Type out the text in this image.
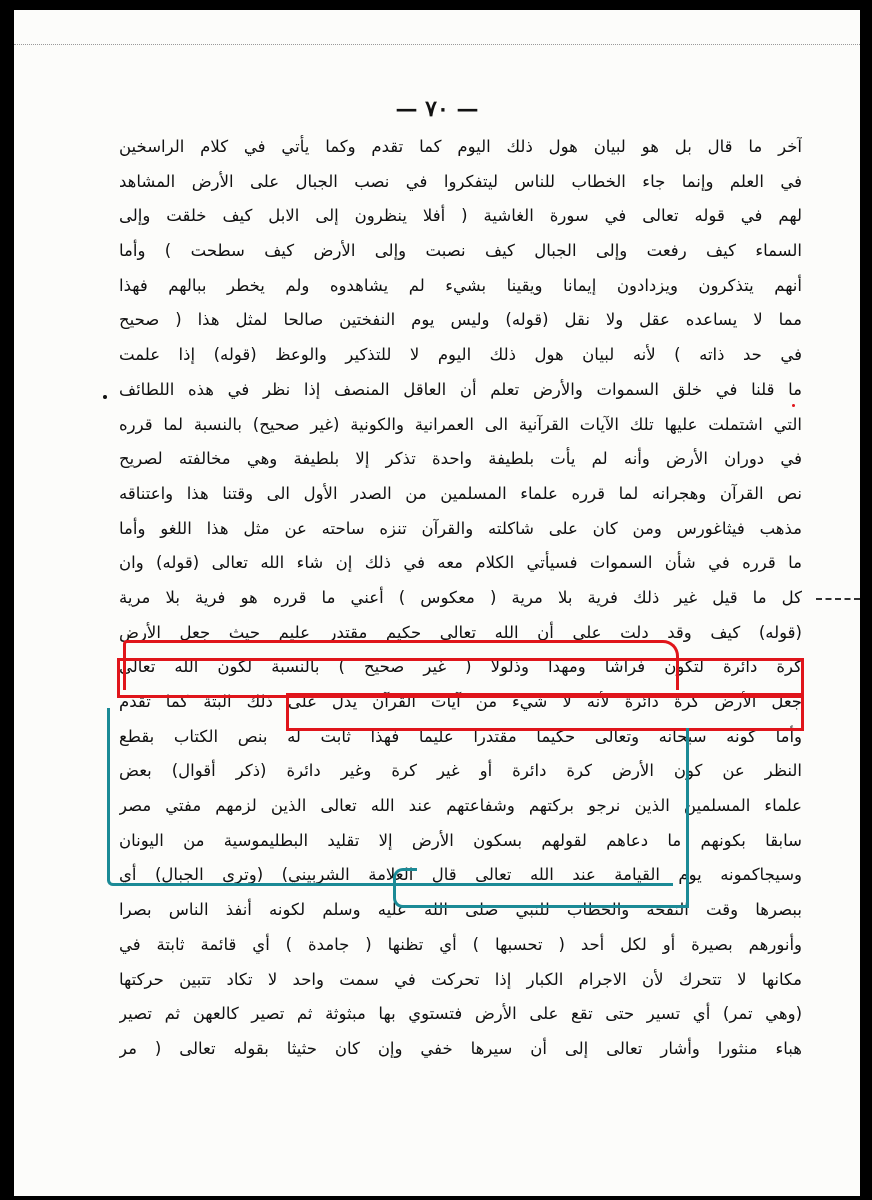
— ٧٠ —
آخر ما قال بل هو لبيان هول ذلك اليوم كما تقدم وكما يأتي في كلام الراسخين
في العلم وإنما جاء الخطاب للناس ليتفكروا في نصب الجبال على الأرض المشاهد
لهم في قوله تعالى في سورة الغاشية ( أفلا ينظرون إلى الابل كيف خلقت وإلى
السماء كيف رفعت وإلى الجبال كيف نصبت وإلى الأرض كيف سطحت ) وأما
أنهم يتذكرون ويزدادون إيمانا ويقينا بشيء لم يشاهدوه ولم يخطر ببالهم فهذا
مما لا يساعده عقل ولا نقل (قوله) وليس يوم النفختين صالحا لمثل هذا ( صحيح
في حد ذاته ) لأنه لبيان هول ذلك اليوم لا للتذكير والوعظ (قوله) إذا علمت
ما قلنا في خلق السموات والأرض تعلم أن العاقل المنصف إذا نظر في هذه اللطائف
التي اشتملت عليها تلك الآيات القرآنية الى العمرانية والكونية (غير صحيح) بالنسبة لما قرره
في دوران الأرض وأنه لم يأت بلطيفة واحدة تذكر إلا بلطيفة وهي مخالفته لصريح
نص القرآن وهجرانه لما قرره علماء المسلمين من الصدر الأول الى وقتنا هذا واعتناقه
مذهب فيثاغورس ومن كان على شاكلته والقرآن تنزه ساحته عن مثل هذا اللغو وأما
ما قرره في شأن السموات فسيأتي الكلام معه في ذلك إن شاء الله تعالى (قوله) وان
كل ما قيل غير ذلك فرية بلا مرية ( معكوس ) أعني ما قرره هو فرية بلا مرية
(قوله) كيف وقد دلت على أن الله تعالى حكيم مقتدر عليم حيث جعل الأرض
كرة دائرة لتكون فراشا ومهدا وذلولا ( غير صحيح ) بالنسبة لكون الله تعالى
جعل الأرض كرة دائرة لأنه لا شيء من آيات القرآن يدل على ذلك البتة كما تقدم
وأما كونه سبحانه وتعالى حكيما مقتدرا عليما فهذا ثابت له بنص الكتاب بقطع
النظر عن كون الأرض كرة دائرة أو غير كرة وغير دائرة (ذكر أقوال) بعض
علماء المسلمين الذين نرجو بركتهم وشفاعتهم عند الله تعالى الذين لزمهم مفتي مصر
سابقا بكونهم ما دعاهم لقولهم بسكون الأرض إلا تقليد البطليموسية من اليونان
وسيجاكمونه يوم القيامة عند الله تعالى قال العلامة الشربيني) (وترى الجبال) أي
ببصرها وقت النفخة والخطاب للنبي صلى الله عليه وسلم لكونه أنفذ الناس بصرا
وأنورهم بصيرة أو لكل أحد ( تحسبها ) أي تظنها ( جامدة ) أي قائمة ثابتة في
مكانها لا تتحرك لأن الاجرام الكبار إذا تحركت في سمت واحد لا تكاد تتبين حركتها
(وهي تمر) أي تسير حتى تقع على الأرض فتستوي بها مبثوثة ثم تصير كالعهن ثم تصير
هباء منثورا وأشار تعالى إلى أن سيرها خفي وإن كان حثيثا بقوله تعالى ( مر
